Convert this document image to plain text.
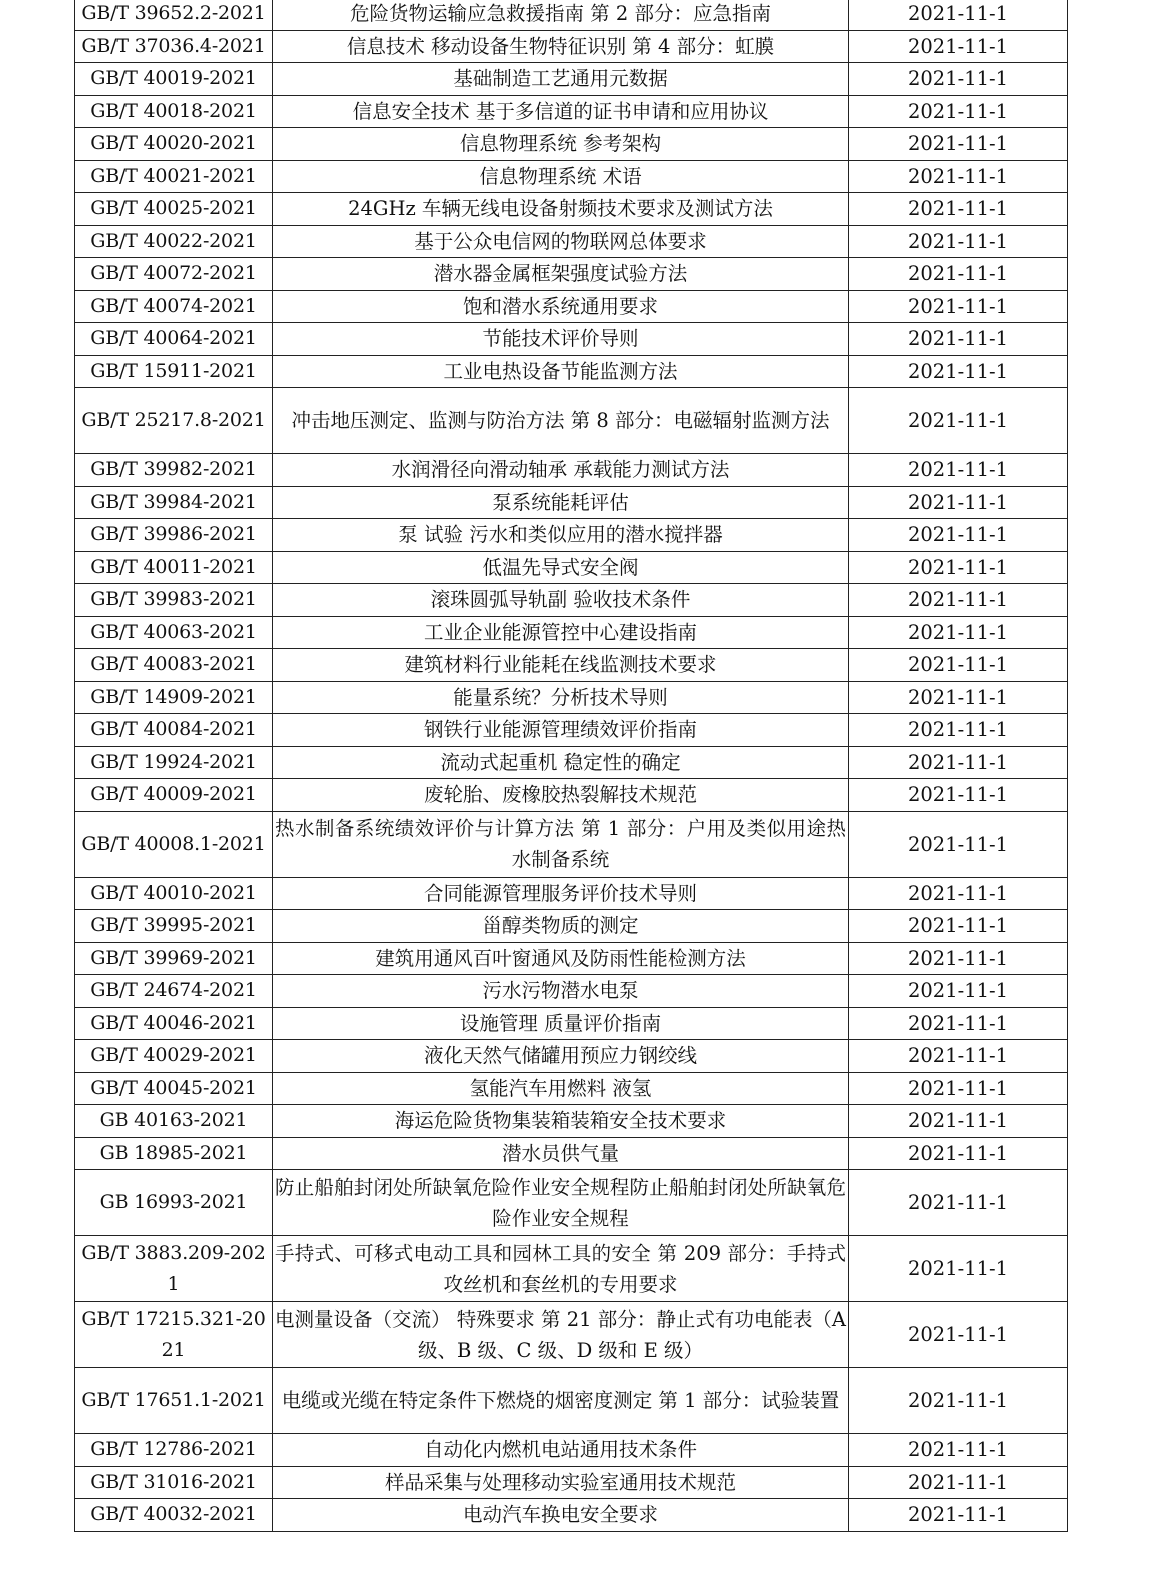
GB/T 39652.2-2021	危险货物运输应急救援指南 第 2 部分：应急指南	2021-11-1
GB/T 37036.4-2021	信息技术 移动设备生物特征识别 第 4 部分：虹膜	2021-11-1
GB/T 40019-2021	基础制造工艺通用元数据	2021-11-1
GB/T 40018-2021	信息安全技术 基于多信道的证书申请和应用协议	2021-11-1
GB/T 40020-2021	信息物理系统 参考架构	2021-11-1
GB/T 40021-2021	信息物理系统 术语	2021-11-1
GB/T 40025-2021	24GHz 车辆无线电设备射频技术要求及测试方法	2021-11-1
GB/T 40022-2021	基于公众电信网的物联网总体要求	2021-11-1
GB/T 40072-2021	潜水器金属框架强度试验方法	2021-11-1
GB/T 40074-2021	饱和潜水系统通用要求	2021-11-1
GB/T 40064-2021	节能技术评价导则	2021-11-1
GB/T 15911-2021	工业电热设备节能监测方法	2021-11-1
GB/T 25217.8-2021	冲击地压测定、监测与防治方法 第 8 部分：电磁辐射监测方法	2021-11-1
GB/T 39982-2021	水润滑径向滑动轴承 承载能力测试方法	2021-11-1
GB/T 39984-2021	泵系统能耗评估	2021-11-1
GB/T 39986-2021	泵 试验 污水和类似应用的潜水搅拌器	2021-11-1
GB/T 40011-2021	低温先导式安全阀	2021-11-1
GB/T 39983-2021	滚珠圆弧导轨副 验收技术条件	2021-11-1
GB/T 40063-2021	工业企业能源管控中心建设指南	2021-11-1
GB/T 40083-2021	建筑材料行业能耗在线监测技术要求	2021-11-1
GB/T 14909-2021	能量系统？分析技术导则	2021-11-1
GB/T 40084-2021	钢铁行业能源管理绩效评价指南	2021-11-1
GB/T 19924-2021	流动式起重机 稳定性的确定	2021-11-1
GB/T 40009-2021	废轮胎、废橡胶热裂解技术规范	2021-11-1
GB/T 40008.1-2021	热水制备系统绩效评价与计算方法 第 1 部分：户用及类似用途热水制备系统	2021-11-1
GB/T 40010-2021	合同能源管理服务评价技术导则	2021-11-1
GB/T 39995-2021	甾醇类物质的测定	2021-11-1
GB/T 39969-2021	建筑用通风百叶窗通风及防雨性能检测方法	2021-11-1
GB/T 24674-2021	污水污物潜水电泵	2021-11-1
GB/T 40046-2021	设施管理 质量评价指南	2021-11-1
GB/T 40029-2021	液化天然气储罐用预应力钢绞线	2021-11-1
GB/T 40045-2021	氢能汽车用燃料 液氢	2021-11-1
GB 40163-2021	海运危险货物集装箱装箱安全技术要求	2021-11-1
GB 18985-2021	潜水员供气量	2021-11-1
GB 16993-2021	防止船舶封闭处所缺氧危险作业安全规程防止船舶封闭处所缺氧危险作业安全规程	2021-11-1
GB/T 3883.209-2021	手持式、可移式电动工具和园林工具的安全 第 209 部分：手持式攻丝机和套丝机的专用要求	2021-11-1
GB/T 17215.321-2021	电测量设备（交流） 特殊要求 第 21 部分：静止式有功电能表（A 级、B 级、C 级、D 级和 E 级）	2021-11-1
GB/T 17651.1-2021	电缆或光缆在特定条件下燃烧的烟密度测定 第 1 部分：试验装置	2021-11-1
GB/T 12786-2021	自动化内燃机电站通用技术条件	2021-11-1
GB/T 31016-2021	样品采集与处理移动实验室通用技术规范	2021-11-1
GB/T 40032-2021	电动汽车换电安全要求	2021-11-1
